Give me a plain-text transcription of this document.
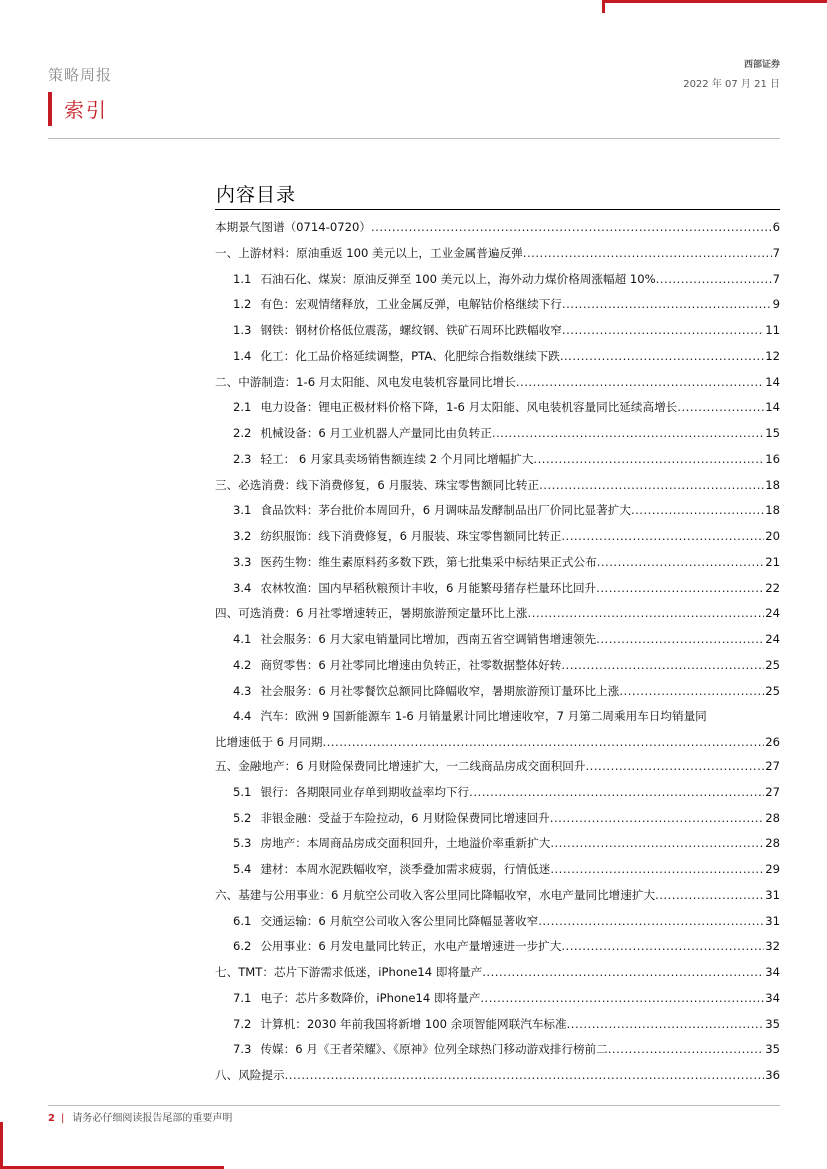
策略周报
西部证券
2022 年 07 月 21 日
索引
内容目录
本期景气图谱（0714-0720） .....	6
一、上游材料：原油重返 100 美元以上，工业金属普遍反弹 .....	7
1.1 石油石化、煤炭：原油反弹至 100 美元以上，海外动力煤价格周涨幅超 10% .....	7
1.2 有色：宏观情绪释放，工业金属反弹，电解钴价格继续下行 .....	9
1.3 钢铁：钢材价格低位震荡，螺纹钢、铁矿石周环比跌幅收窄 .....	11
1.4 化工：化工品价格延续调整，PTA、化肥综合指数继续下跌 .....	12
二、中游制造：1-6 月太阳能、风电发电装机容量同比增长 .....	14
2.1 电力设备：锂电正极材料价格下降，1-6 月太阳能、风电装机容量同比延续高增长 .....	14
2.2 机械设备：6 月工业机器人产量同比由负转正 .....	15
2.3 轻工： 6 月家具卖场销售额连续 2 个月同比增幅扩大 .....	16
三、必选消费：线下消费修复，6 月服装、珠宝零售额同比转正 .....	18
3.1 食品饮料：茅台批价本周回升，6 月调味品发酵制品出厂价同比显著扩大 .....	18
3.2 纺织服饰：线下消费修复，6 月服装、珠宝零售额同比转正 .....	20
3.3 医药生物：维生素原料药多数下跌，第七批集采中标结果正式公布 .....	21
3.4 农林牧渔：国内早稻秋粮预计丰收，6 月能繁母猪存栏量环比回升 .....	22
四、可选消费：6 月社零增速转正，暑期旅游预定量环比上涨 .....	24
4.1 社会服务：6 月大家电销量同比增加，西南五省空调销售增速领先 .....	24
4.2 商贸零售：6 月社零同比增速由负转正，社零数据整体好转 .....	25
4.3 社会服务：6 月社零餐饮总额同比降幅收窄，暑期旅游预订量环比上涨 .....	25
4.4 汽车：欧洲 9 国新能源车 1-6 月销量累计同比增速收窄，7 月第二周乘用车日均销量同
比增速低于 6 月同期 .....	26
五、金融地产：6 月财险保费同比增速扩大，一二线商品房成交面积回升 .....	27
5.1 银行：各期限同业存单到期收益率均下行 .....	27
5.2 非银金融：受益于车险拉动，6 月财险保费同比增速回升 .....	28
5.3 房地产：本周商品房成交面积回升，土地溢价率重新扩大 .....	28
5.4 建材：本周水泥跌幅收窄，淡季叠加需求疲弱，行情低迷 .....	29
六、基建与公用事业：6 月航空公司收入客公里同比降幅收窄，水电产量同比增速扩大 .....	31
6.1 交通运输：6 月航空公司收入客公里同比降幅显著收窄 .....	31
6.2 公用事业：6 月发电量同比转正，水电产量增速进一步扩大 .....	32
七、TMT：芯片下游需求低迷，iPhone14 即将量产 .....	34
7.1 电子：芯片多数降价，iPhone14 即将量产 .....	34
7.2 计算机：2030 年前我国将新增 100 余项智能网联汽车标准 .....	35
7.3 传媒：6 月《王者荣耀》、《原神》位列全球热门移动游戏排行榜前二 .....	35
八、风险提示 .....	36
2 | 请务必仔细阅读报告尾部的重要声明
